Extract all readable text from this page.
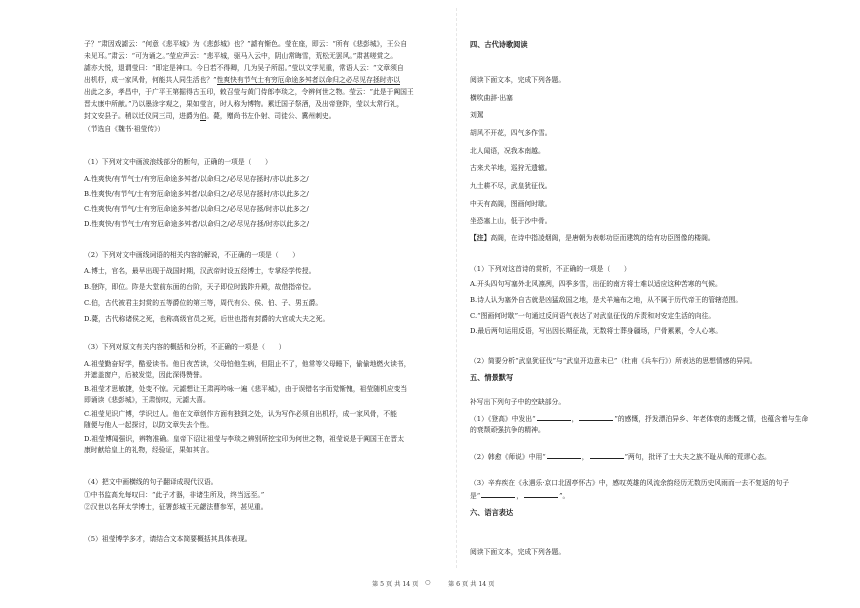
子？”肃因戏謔云：“何意《悲平城》为《悲彭城》也？”謔有惭色。莹在座，即云：“所有《悲彭城》，王公自
未见耳。”肃云：“可为诵之。”莹应声云：“悲平城，驱马入云中，阴山常晦雪，荒松无罢风。”肃甚嗟赏之。
謔亦大悦，退谓莹曰：“即定是神口。今日若不得卿，几为吴子所屈。”莹以文学见重，常语人云：“文章须自
出机杼，成一家风骨，何能共人同生活也？”性爽快有节气士有穷厄命途多舛者以命归之必尽见存拯时亦以
出此之多，孝昌中，于广平王第掘得古玉印，敕召莹与黄门侍郎李琰之，令辨何世之物。莹云：“此是于阗国王
晋太康中所献。”乃以墨涂字观之，果如莹言，时人称为博物。累迁国子祭酒，及出帝登阼，莹以太常行礼，
封文安县子。稍以迁仪同三司，进爵为伯。薨，赠尚书左仆射、司徒公、冀州刺史。
（节选自《魏书·祖莹传》）
（1）下列对文中画波浪线部分的断句，正确的一项是（　　）
A.性爽快/有节气士/有穷厄命途多舛者/以命归之/必尽见存拯时/亦以此多之/
B.性爽快/有节气/士有穷厄命途多舛者/以命归之/必尽见存拯时/亦以此多之/
C.性爽快/有节气/士有穷厄命途多舛者/以命归之/必尽见存拯/时亦以此多之/
D.性爽快/有节气士/有穷厄命途多舛者/以命归之/必尽见存拯/时亦以此多之/
（2）下列对文中画线词语的相关内容的解说，不正确的一项是（　　）
A.博士，官名，最早出现于战国时期，汉武帝时设五经博士，专掌经学传授。
B.登阼，即位。阼是大堂前东面的台阶，天子即位时践阼升殿，故借指帝位。
C.伯，古代被君主封赏的五等爵位的第三等，周代有公、侯、伯、子、男五爵。
D.薨，古代称诸侯之死，也称高级官员之死，后世也指有封爵的大官或大夫之死。
（3）下列对原文有关内容的概括和分析，不正确的一项是（　　）
A.祖莹勤奋好学，酷爱读书。他日夜苦读，父母怕他生病，但阻止不了，他常等父母睡下，偷偷地燃火读书，
并遮盖窗户，后被发觉，因此深得赞誉。
B.祖莹才思敏捷，处变不惊。元謔想让王肃再吟咏一遍《悲平城》，由于误错名字而觉惭愧，祖莹随机应变当
即诵读《悲彭城》，王肃惊叹，元謔大喜。
C.祖莹见识广博，学识过人。他在文章创作方面有独到之处，认为写作必须自出机杼，成一家风骨，不能
随便与他人一起探讨，以防文章失去个性。
D.祖莹博闻强识，辨物准确。皇帝下诏让祖莹与李琰之辨别所挖宝印为何世之物，祖莹说是于阗国王在晋太
康时献给皇上的礼物，经验证，果如其言。
（4）把文中画横线的句子翻译成现代汉语。
①中书监高允每叹曰：“此子才器，非诸生所及，终当远至。”
②汉世以名拜太学博士，征署彭城王元勰法曹参军，甚见重。
（5）祖莹博学多才，请结合文本简要概括其具体表现。
四、古代诗歌阅读
阅读下面文本，完成下列各题。
横吹曲辞·出塞
刘駕
胡风不开花，四气多作雪。
北人闻语，况我本南越。
古来犬羊地，巡狩无遗辙。
九土耕不尽，武皇犹征伐。
中天有高阁，图画何时歇。
坐恐塞上山，低于沙中骨。
【注】高阁，在诗中指凌烟阁，是唐朝为表彰功臣而建筑的绘有功臣图像的楼阁。
（1）下列对这首诗的赏析，不正确的一项是（　　）
A.开头四句写塞外北风凛冽，四季多雪，出征的南方将士难以适应这种苦寒的气候。
B.诗人认为塞外自古就是凶猛敌国之地，是犬羊遍布之地，从不属于历代帝王的管辖范围。
C.“图画何时歇”一句通过反问语气表达了对武皇征伐的斥责和对安定生活的向往。
D.最后两句运用反语，写出因长期征战，无数将士葬身疆场，尸骨累累，令人心寒。
（2）简要分析“武皇犹征伐”与“武皇开边意未已”（杜甫《兵车行》）所表达的思想情感的异同。
五、情景默写
补写出下列句子中的空缺部分。
（1）《登高》中发出“	，	”的感慨，抒发漂泊异乡、年老体衰的悲慨之情，也蕴含着与生命
的衰颓顽强抗争的精神。
（2）韩愈《师说》中用“	，	”两句，批评了士大夫之族不耻从师的荒谬心态。
（3）辛弃疾在《永遇乐·京口北固亭怀古》中，感叹英雄的风流余韵经历无数历史风雨而一去不复返的句子
是“	，	”。
六、语言表达
阅读下面文本，完成下列各题。
第 5 页 共 14 页 ○	第 6 页 共 14 页
